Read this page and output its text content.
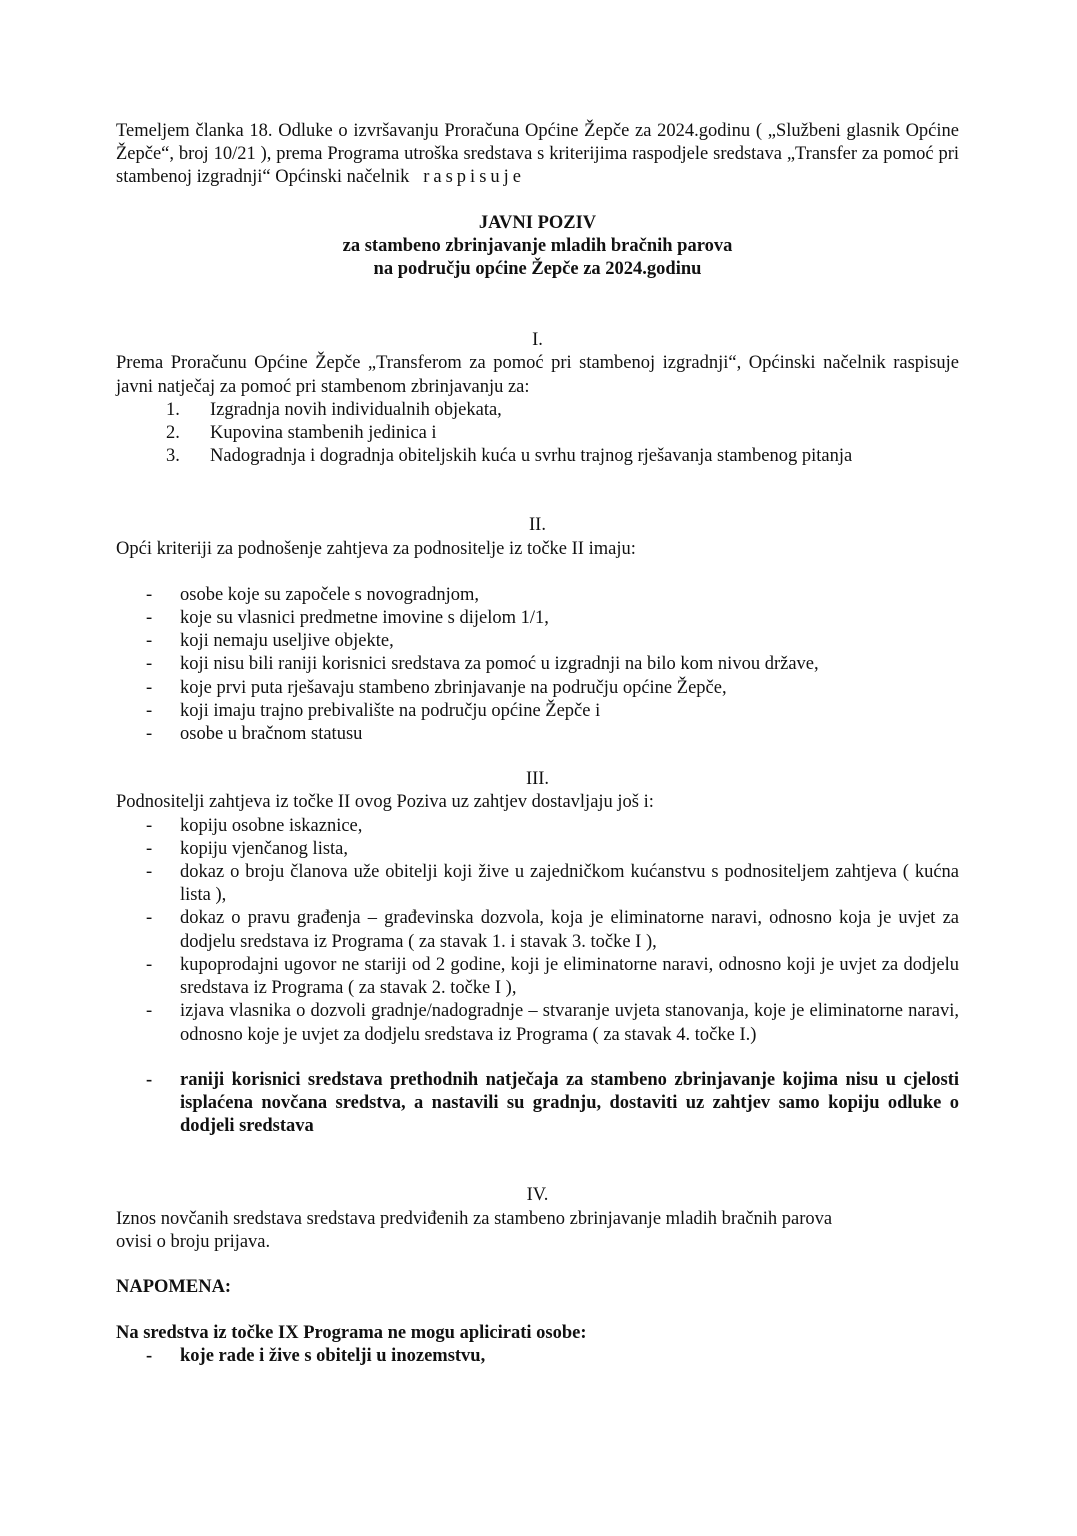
Temeljem članka 18. Odluke o izvršavanju Proračuna Općine Žepče za 2024.godinu ( „Službeni glasnik Općine Žepče“, broj 10/21 ), prema Programa utroška sredstava s kriterijima raspodjele sredstava „Transfer za pomoć pri stambenoj izgradnji“ Općinski načelnik raspisuje

JAVNI POZIV

za stambeno zbrinjavanje mladih bračnih parova

na području općine Žepče za 2024.godinu

I.

Prema Proračunu Općine Žepče „Transferom za pomoć pri stambenoj izgradnji“, Općinski načelnik raspisuje javni natječaj za pomoć pri stambenom zbrinjavanju za:

1.	Izgradnja novih individualnih objekata,
2.	Kupovina stambenih jedinica i
3.	Nadogradnja i dogradnja obiteljskih kuća u svrhu trajnog rješavanja stambenog pitanja

II.

Opći kriteriji za podnošenje zahtjeva za podnositelje iz točke II imaju:

-	osobe koje su započele s novogradnjom,
-	koje su vlasnici predmetne imovine s dijelom 1/1,
-	koji nemaju useljive objekte,
-	koji nisu bili raniji korisnici sredstava za pomoć u izgradnji na bilo kom nivou države,
-	koje prvi puta rješavaju stambeno zbrinjavanje na području općine Žepče,
-	koji imaju trajno prebivalište na području općine Žepče i
-	osobe u bračnom statusu

III.

Podnositelji zahtjeva iz točke II ovog Poziva uz zahtjev dostavljaju još i:

-	kopiju osobne iskaznice,
-	kopiju vjenčanog lista,
-	dokaz o broju članova uže obitelji koji žive u zajedničkom kućanstvu s podnositeljem zahtjeva ( kućna lista ),
-	dokaz o pravu građenja – građevinska dozvola, koja je eliminatorne naravi, odnosno koja je uvjet za dodjelu sredstava iz Programa ( za stavak 1. i stavak 3. točke I ),
-	kupoprodajni ugovor ne stariji od 2 godine, koji je eliminatorne naravi, odnosno koji je uvjet za dodjelu sredstava iz Programa ( za stavak 2. točke I ),
-	izjava vlasnika o dozvoli gradnje/nadogradnje – stvaranje uvjeta stanovanja, koje je eliminatorne naravi, odnosno koje je uvjet za dodjelu sredstava iz Programa ( za stavak 4. točke I.)
-	raniji korisnici sredstava prethodnih natječaja za stambeno zbrinjavanje kojima nisu u cjelosti isplaćena novčana sredstva, a nastavili su gradnju, dostaviti uz zahtjev samo kopiju odluke o dodjeli sredstava

IV.

Iznos novčanih sredstava sredstava predviđenih za stambeno zbrinjavanje mladih bračnih parova

ovisi o broju prijava.

NAPOMENA:

Na sredstva iz točke IX Programa ne mogu aplicirati osobe:

-	koje rade i žive s obitelji u inozemstvu,
